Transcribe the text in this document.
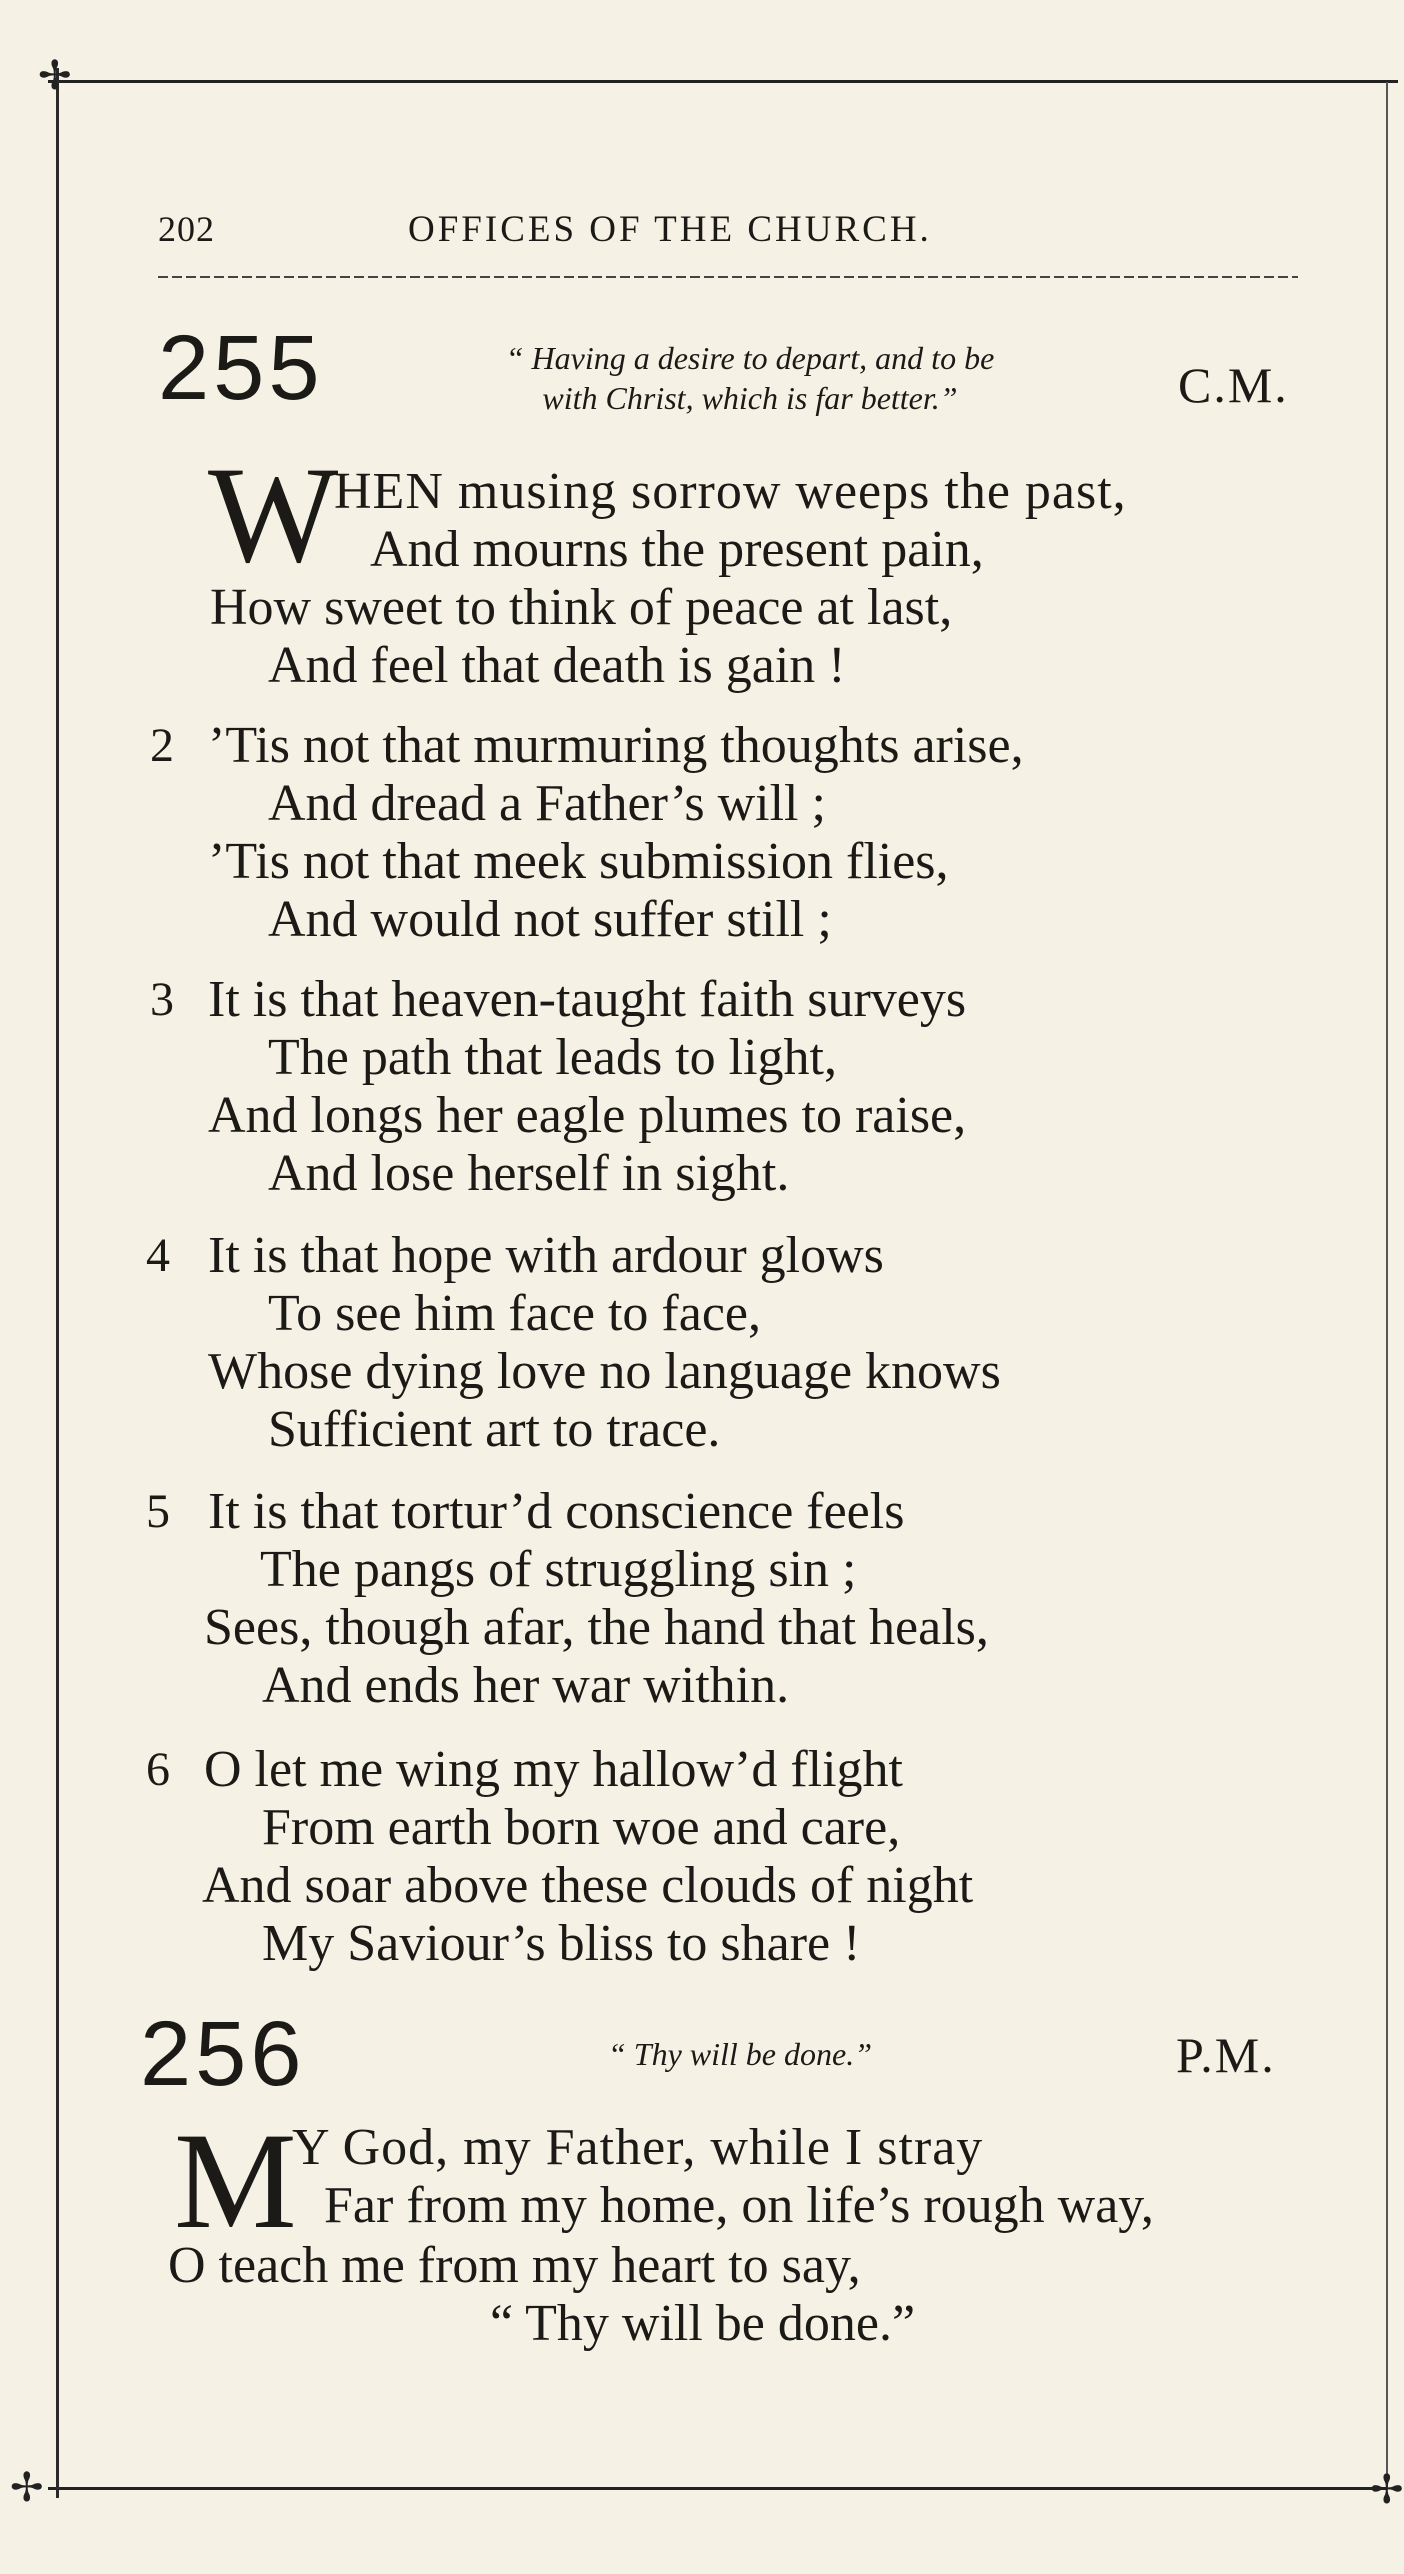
✢
✢	✢
202	OFFICES OF THE CHURCH.
255	“ Having a desire to depart, and to be
with Christ, which is far better.”	C.M.
W
HEN musing sorrow weeps the past,
And mourns the present pain,
How sweet to think of peace at last,
And feel that death is gain !
2 ’Tis not that murmuring thoughts arise,
And dread a Father’s will ;
’Tis not that meek submission flies,
And would not suffer still ;
3 It is that heaven-taught faith surveys
The path that leads to light,
And longs her eagle plumes to raise,
And lose herself in sight.
4 It is that hope with ardour glows
To see him face to face,
Whose dying love no language knows
Sufficient art to trace.
5 It is that tortur’d conscience feels
The pangs of struggling sin ;
Sees, though afar, the hand that heals,
And ends her war within.
6 O let me wing my hallow’d flight
From earth born woe and care,
And soar above these clouds of night
My Saviour’s bliss to share !
256	“ Thy will be done.”	P.M.
M
Y God, my Father, while I stray
Far from my home, on life’s rough way,
O teach me from my heart to say,
“ Thy will be done.”
